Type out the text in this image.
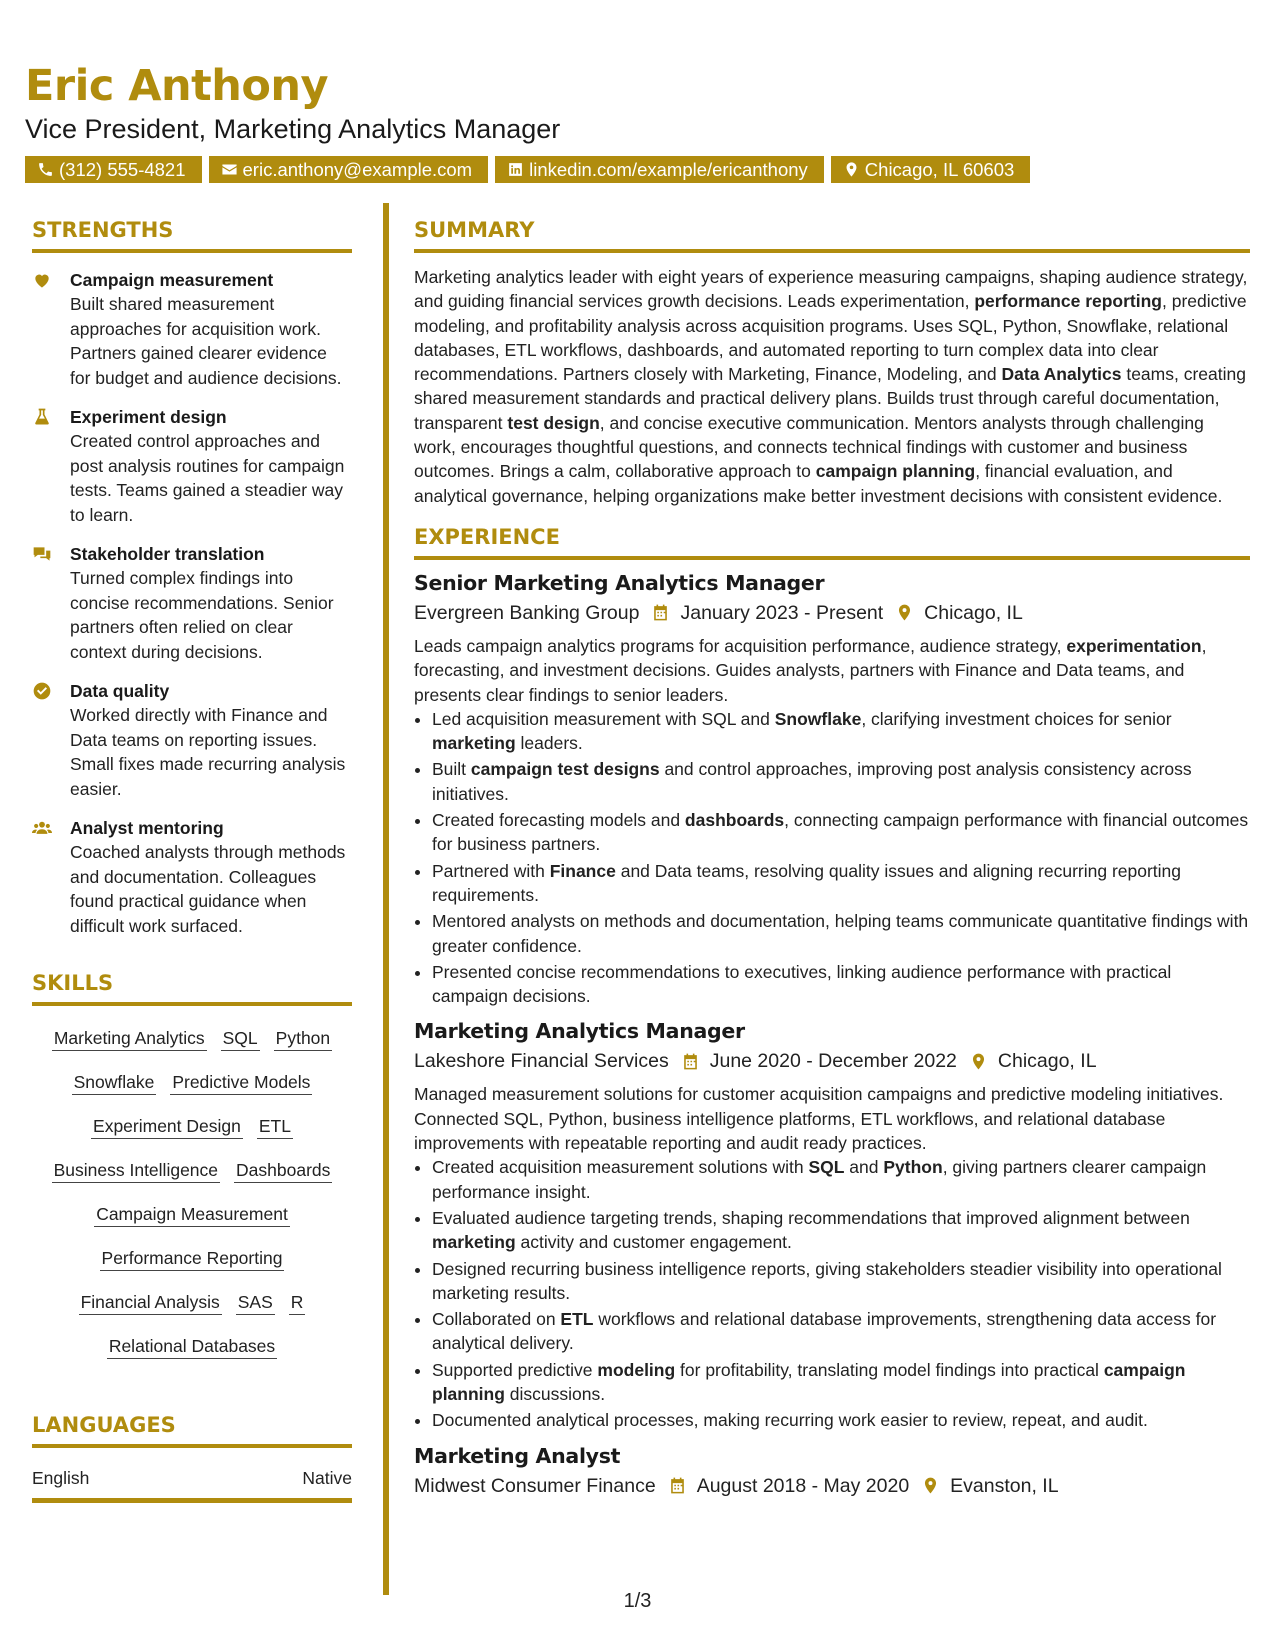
Eric Anthony
Vice President, Marketing Analytics Manager
(312) 555-4821	eric.anthony@example.com	linkedin.com/example/ericanthony	Chicago, IL 60603
STRENGTHS
Campaign measurement
Built shared measurement approaches for acquisition work. Partners gained clearer evidence for budget and audience decisions.
Experiment design
Created control approaches and post analysis routines for campaign tests. Teams gained a steadier way to learn.
Stakeholder translation
Turned complex findings into concise recommendations. Senior partners often relied on clear context during decisions.
Data quality
Worked directly with Finance and Data teams on reporting issues. Small fixes made recurring analysis easier.
Analyst mentoring
Coached analysts through methods and documentation. Colleagues found practical guidance when difficult work surfaced.
SKILLS
Marketing Analytics SQL Python
Snowflake Predictive Models
Experiment Design ETL
Business Intelligence Dashboards
Campaign Measurement
Performance Reporting
Financial Analysis SAS R
Relational Databases
LANGUAGES
English	Native
SUMMARY
Marketing analytics leader with eight years of experience measuring campaigns, shaping audience strategy, and guiding financial services growth decisions. Leads experimentation, performance reporting, predictive modeling, and profitability analysis across acquisition programs. Uses SQL, Python, Snowflake, relational databases, ETL workflows, dashboards, and automated reporting to turn complex data into clear recommendations. Partners closely with Marketing, Finance, Modeling, and Data Analytics teams, creating shared measurement standards and practical delivery plans. Builds trust through careful documentation, transparent test design, and concise executive communication. Mentors analysts through challenging work, encourages thoughtful questions, and connects technical findings with customer and business outcomes. Brings a calm, collaborative approach to campaign planning, financial evaluation, and analytical governance, helping organizations make better investment decisions with consistent evidence.
EXPERIENCE
Senior Marketing Analytics Manager
Evergreen Banking Group January 2023 - Present Chicago, IL
Leads campaign analytics programs for acquisition performance, audience strategy, experimentation, forecasting, and investment decisions. Guides analysts, partners with Finance and Data teams, and presents clear findings to senior leaders.
• Led acquisition measurement with SQL and Snowflake, clarifying investment choices for senior marketing leaders.
• Built campaign test designs and control approaches, improving post analysis consistency across initiatives.
• Created forecasting models and dashboards, connecting campaign performance with financial outcomes for business partners.
• Partnered with Finance and Data teams, resolving quality issues and aligning recurring reporting requirements.
• Mentored analysts on methods and documentation, helping teams communicate quantitative findings with greater confidence.
• Presented concise recommendations to executives, linking audience performance with practical campaign decisions.
Marketing Analytics Manager
Lakeshore Financial Services June 2020 - December 2022 Chicago, IL
Managed measurement solutions for customer acquisition campaigns and predictive modeling initiatives. Connected SQL, Python, business intelligence platforms, ETL workflows, and relational database improvements with repeatable reporting and audit ready practices.
• Created acquisition measurement solutions with SQL and Python, giving partners clearer campaign performance insight.
• Evaluated audience targeting trends, shaping recommendations that improved alignment between marketing activity and customer engagement.
• Designed recurring business intelligence reports, giving stakeholders steadier visibility into operational marketing results.
• Collaborated on ETL workflows and relational database improvements, strengthening data access for analytical delivery.
• Supported predictive modeling for profitability, translating model findings into practical campaign planning discussions.
• Documented analytical processes, making recurring work easier to review, repeat, and audit.
Marketing Analyst
Midwest Consumer Finance August 2018 - May 2020 Evanston, IL
1/3
